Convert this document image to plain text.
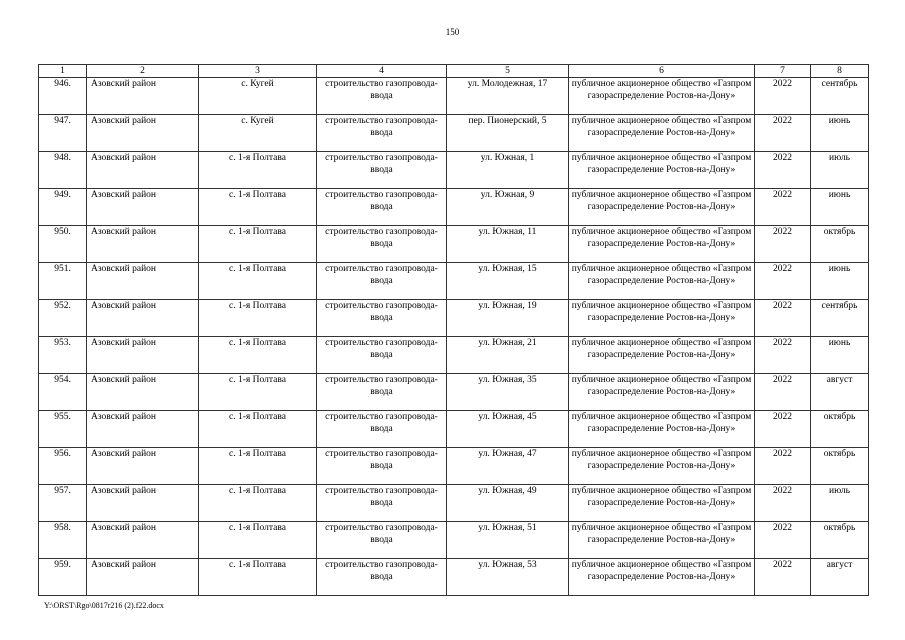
150
1	2	3	4	5	6	7	8
946.	Азовский район	с. Кугей	строительство газопровода-ввода	ул. Молодежная, 17	публичное акционерное общество «Газпром газораспределение Ростов-на-Дону»	2022	сентябрь
947.	Азовский район	с. Кугей	строительство газопровода-ввода	пер. Пионерский, 5	публичное акционерное общество «Газпром газораспределение Ростов-на-Дону»	2022	июнь
948.	Азовский район	с. 1-я Полтава	строительство газопровода-ввода	ул. Южная, 1	публичное акционерное общество «Газпром газораспределение Ростов-на-Дону»	2022	июль
949.	Азовский район	с. 1-я Полтава	строительство газопровода-ввода	ул. Южная, 9	публичное акционерное общество «Газпром газораспределение Ростов-на-Дону»	2022	июнь
950.	Азовский район	с. 1-я Полтава	строительство газопровода-ввода	ул. Южная, 11	публичное акционерное общество «Газпром газораспределение Ростов-на-Дону»	2022	октябрь
951.	Азовский район	с. 1-я Полтава	строительство газопровода-ввода	ул. Южная, 15	публичное акционерное общество «Газпром газораспределение Ростов-на-Дону»	2022	июнь
952.	Азовский район	с. 1-я Полтава	строительство газопровода-ввода	ул. Южная, 19	публичное акционерное общество «Газпром газораспределение Ростов-на-Дону»	2022	сентябрь
953.	Азовский район	с. 1-я Полтава	строительство газопровода-ввода	ул. Южная, 21	публичное акционерное общество «Газпром газораспределение Ростов-на-Дону»	2022	июнь
954.	Азовский район	с. 1-я Полтава	строительство газопровода-ввода	ул. Южная, 35	публичное акционерное общество «Газпром газораспределение Ростов-на-Дону»	2022	август
955.	Азовский район	с. 1-я Полтава	строительство газопровода-ввода	ул. Южная, 45	публичное акционерное общество «Газпром газораспределение Ростов-на-Дону»	2022	октябрь
956.	Азовский район	с. 1-я Полтава	строительство газопровода-ввода	ул. Южная, 47	публичное акционерное общество «Газпром газораспределение Ростов-на-Дону»	2022	октябрь
957.	Азовский район	с. 1-я Полтава	строительство газопровода-ввода	ул. Южная, 49	публичное акционерное общество «Газпром газораспределение Ростов-на-Дону»	2022	июль
958.	Азовский район	с. 1-я Полтава	строительство газопровода-ввода	ул. Южная, 51	публичное акционерное общество «Газпром газораспределение Ростов-на-Дону»	2022	октябрь
959.	Азовский район	с. 1-я Полтава	строительство газопровода-ввода	ул. Южная, 53	публичное акционерное общество «Газпром газораспределение Ростов-на-Дону»	2022	август
Y:\ORST\Rgo\0817r216 (2).f22.docx
